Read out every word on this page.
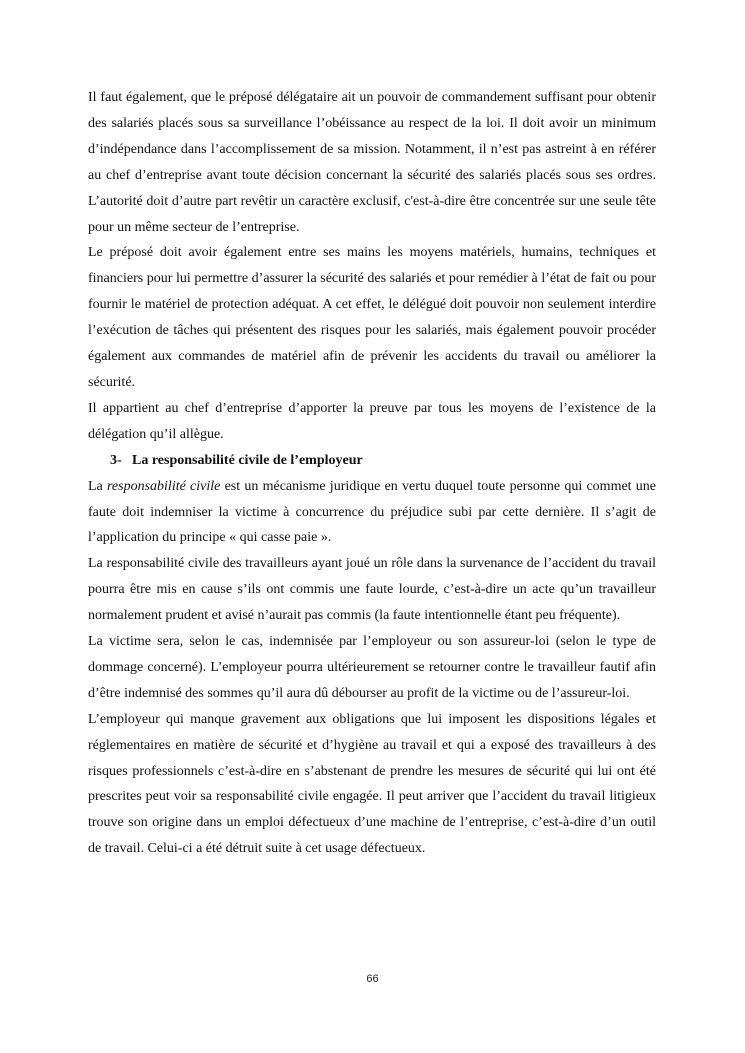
Il faut également, que le préposé délégataire ait un pouvoir de commandement suffisant pour obtenir des salariés placés sous sa surveillance l’obéissance au respect de la loi. Il doit avoir un minimum d’indépendance dans l’accomplissement de sa mission. Notamment, il n’est pas astreint à en référer au chef d’entreprise avant toute décision concernant la sécurité des salariés placés sous ses ordres. L’autorité doit d’autre part revêtir un caractère exclusif, c'est-à-dire être concentrée sur une seule tête pour un même secteur de l’entreprise.

Le préposé doit avoir également entre ses mains les moyens matériels, humains, techniques et financiers pour lui permettre d’assurer la sécurité des salariés et pour remédier à l’état de fait ou pour fournir le matériel de protection adéquat. A cet effet, le délégué doit pouvoir non seulement interdire l’exécution de tâches qui présentent des risques pour les salariés, mais également pouvoir procéder également aux commandes de matériel afin de prévenir les accidents du travail ou améliorer la sécurité.

Il appartient au chef d’entreprise d’apporter la preuve par tous les moyens de l’existence de la délégation qu’il allègue.

3- La responsabilité civile de l’employeur

La responsabilité civile est un mécanisme juridique en vertu duquel toute personne qui commet une faute doit indemniser la victime à concurrence du préjudice subi par cette dernière. Il s’agit de l’application du principe « qui casse paie ».

La responsabilité civile des travailleurs ayant joué un rôle dans la survenance de l’accident du travail pourra être mis en cause s’ils ont commis une faute lourde, c’est-à-dire un acte qu’un travailleur normalement prudent et avisé n’aurait pas commis (la faute intentionnelle étant peu fréquente).

La victime sera, selon le cas, indemnisée par l’employeur ou son assureur-loi (selon le type de dommage concerné). L’employeur pourra ultérieurement se retourner contre le travailleur fautif afin d’être indemnisé des sommes qu’il aura dû débourser au profit de la victime ou de l’assureur-loi.

L’employeur qui manque gravement aux obligations que lui imposent les dispositions légales et réglementaires en matière de sécurité et d’hygiène au travail et qui a exposé des travailleurs à des risques professionnels c’est-à-dire en s’abstenant de prendre les mesures de sécurité qui lui ont été prescrites peut voir sa responsabilité civile engagée. Il peut arriver que l’accident du travail litigieux trouve son origine dans un emploi défectueux d’une machine de l’entreprise, c’est-à-dire d’un outil de travail. Celui-ci a été détruit suite à cet usage défectueux.

66
